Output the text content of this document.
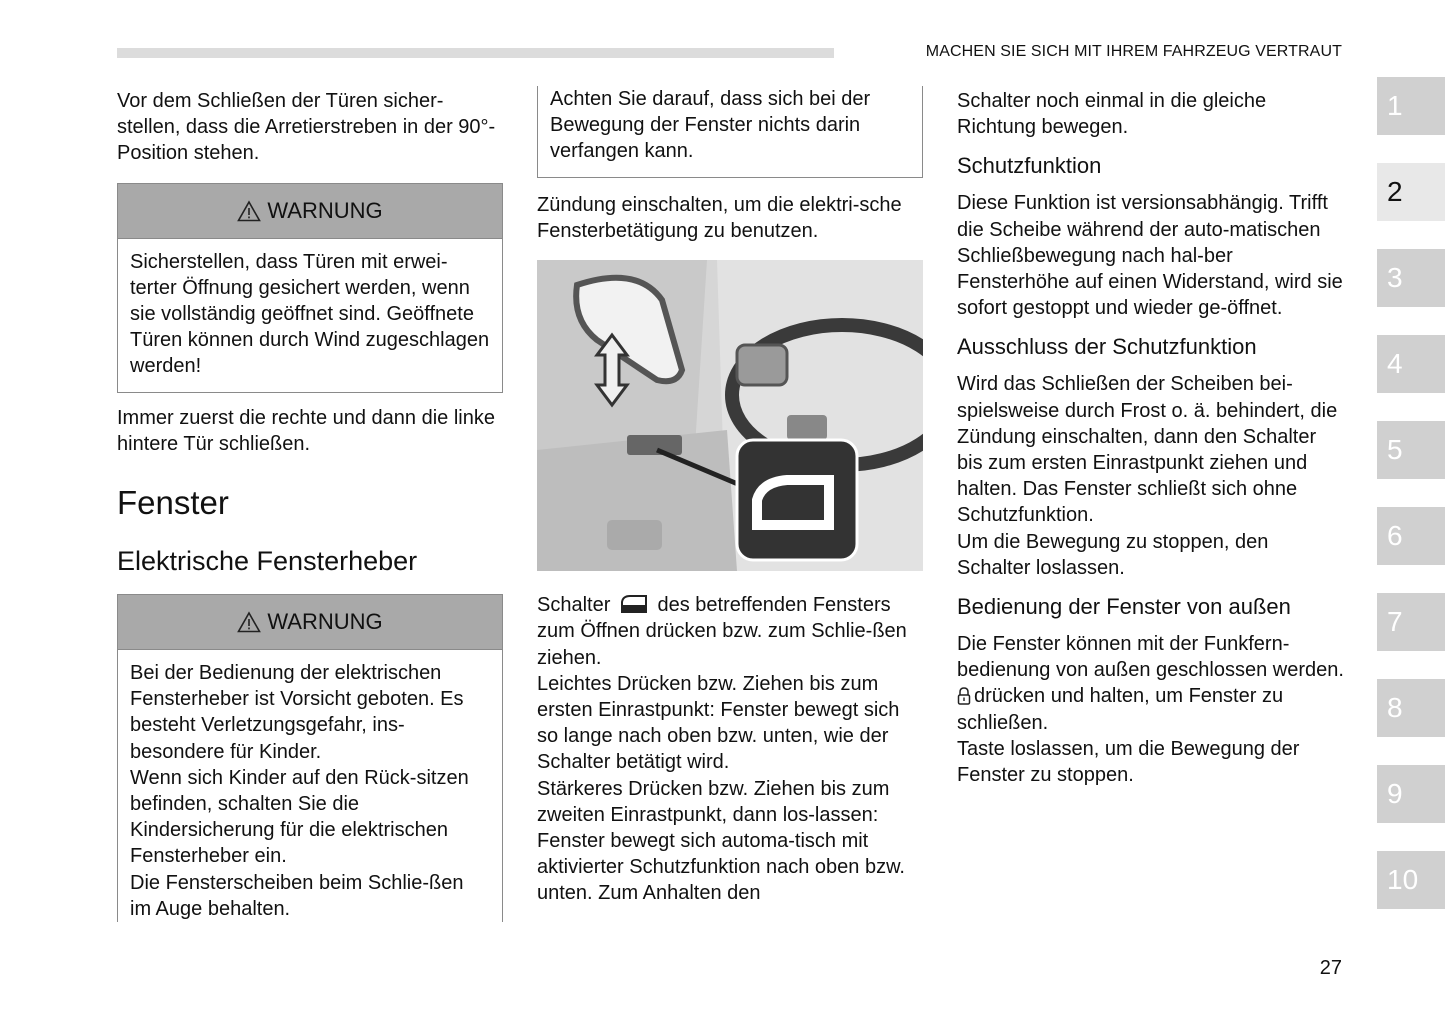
MACHEN SIE SICH MIT IHREM FAHRZEUG VERTRAUT

Vor dem Schließen der Türen sicher-stellen, dass die Arretierstreben in der 90°-Position stehen.

WARNUNG

Sicherstellen, dass Türen mit erwei-terter Öffnung gesichert werden, wenn sie vollständig geöffnet sind. Geöffnete Türen können durch Wind zugeschlagen werden!

Immer zuerst die rechte und dann die linke hintere Tür schließen.

Fenster
Elektrische Fensterheber
WARNUNG

Bei der Bedienung der elektrischen Fensterheber ist Vorsicht geboten. Es besteht Verletzungsgefahr, ins-besondere für Kinder.

Wenn sich Kinder auf den Rück-sitzen befinden, schalten Sie die Kindersicherung für die elektrischen Fensterheber ein.

Die Fensterscheiben beim Schlie-ßen im Auge behalten.

Achten Sie darauf, dass sich bei der Bewegung der Fenster nichts darin verfangen kann.

Zündung einschalten, um die elektri-sche Fensterbetätigung zu benutzen.

Schalter des betreffenden Fensters zum Öffnen drücken bzw. zum Schlie-ßen ziehen.

Leichtes Drücken bzw. Ziehen bis zum ersten Einrastpunkt: Fenster bewegt sich so lange nach oben bzw. unten, wie der Schalter betätigt wird.

Stärkeres Drücken bzw. Ziehen bis zum zweiten Einrastpunkt, dann los-lassen: Fenster bewegt sich automa-tisch mit aktivierter Schutzfunktion nach oben bzw. unten. Zum Anhalten den

Schalter noch einmal in die gleiche Richtung bewegen.

Schutzfunktion

Diese Funktion ist versionsabhängig. Trifft die Scheibe während der auto-matischen Schließbewegung nach hal-ber Fensterhöhe auf einen Widerstand, wird sie sofort gestoppt und wieder ge-öffnet.

Ausschluss der Schutzfunktion

Wird das Schließen der Scheiben bei-spielsweise durch Frost o. ä. behindert, die Zündung einschalten, dann den Schalter bis zum ersten Einrastpunkt ziehen und halten. Das Fenster schließt sich ohne Schutzfunktion.

Um die Bewegung zu stoppen, den Schalter loslassen.

Bedienung der Fenster von außen

Die Fenster können mit der Funkfern-bedienung von außen geschlossen werden.

drücken und halten, um Fenster zu schließen.

Taste loslassen, um die Bewegung der Fenster zu stoppen.

1
2
3
4
5
6
7
8
9
10
27
